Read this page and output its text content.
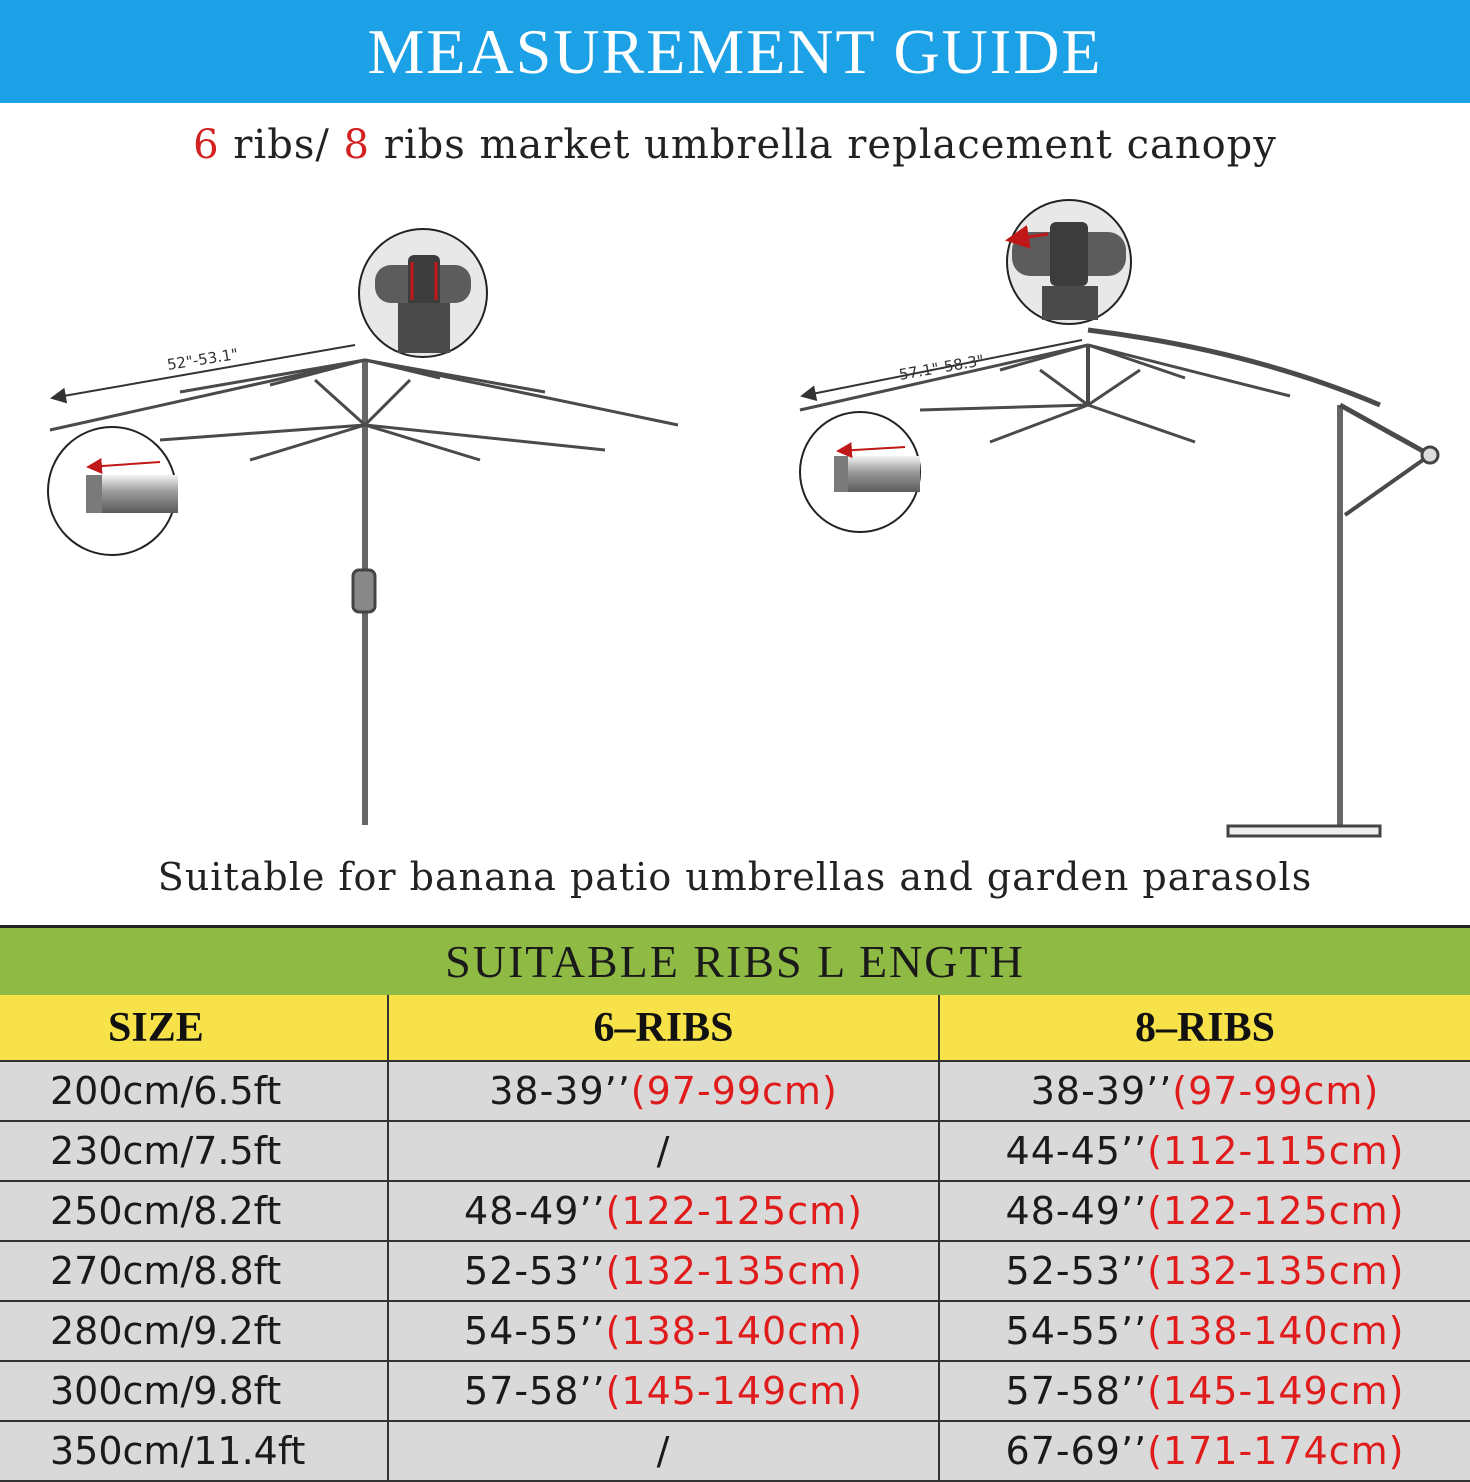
MEASUREMENT GUIDE
6 ribs/ 8 ribs market umbrella replacement canopy
52"-53.1"	57.1"-58.3"
Suitable for banana patio umbrellas and garden parasols
SUITABLE RIBS L ENGTH
SIZE	6–RIBS	8–RIBS
200cm/6.5ft	38-39’’(97-99cm)	38-39’’(97-99cm)
230cm/7.5ft	/	44-45’’(112-115cm)
250cm/8.2ft	48-49’’(122-125cm)	48-49’’(122-125cm)
270cm/8.8ft	52-53’’(132-135cm)	52-53’’(132-135cm)
280cm/9.2ft	54-55’’(138-140cm)	54-55’’(138-140cm)
300cm/9.8ft	57-58’’(145-149cm)	57-58’’(145-149cm)
350cm/11.4ft	/	67-69’’(171-174cm)
